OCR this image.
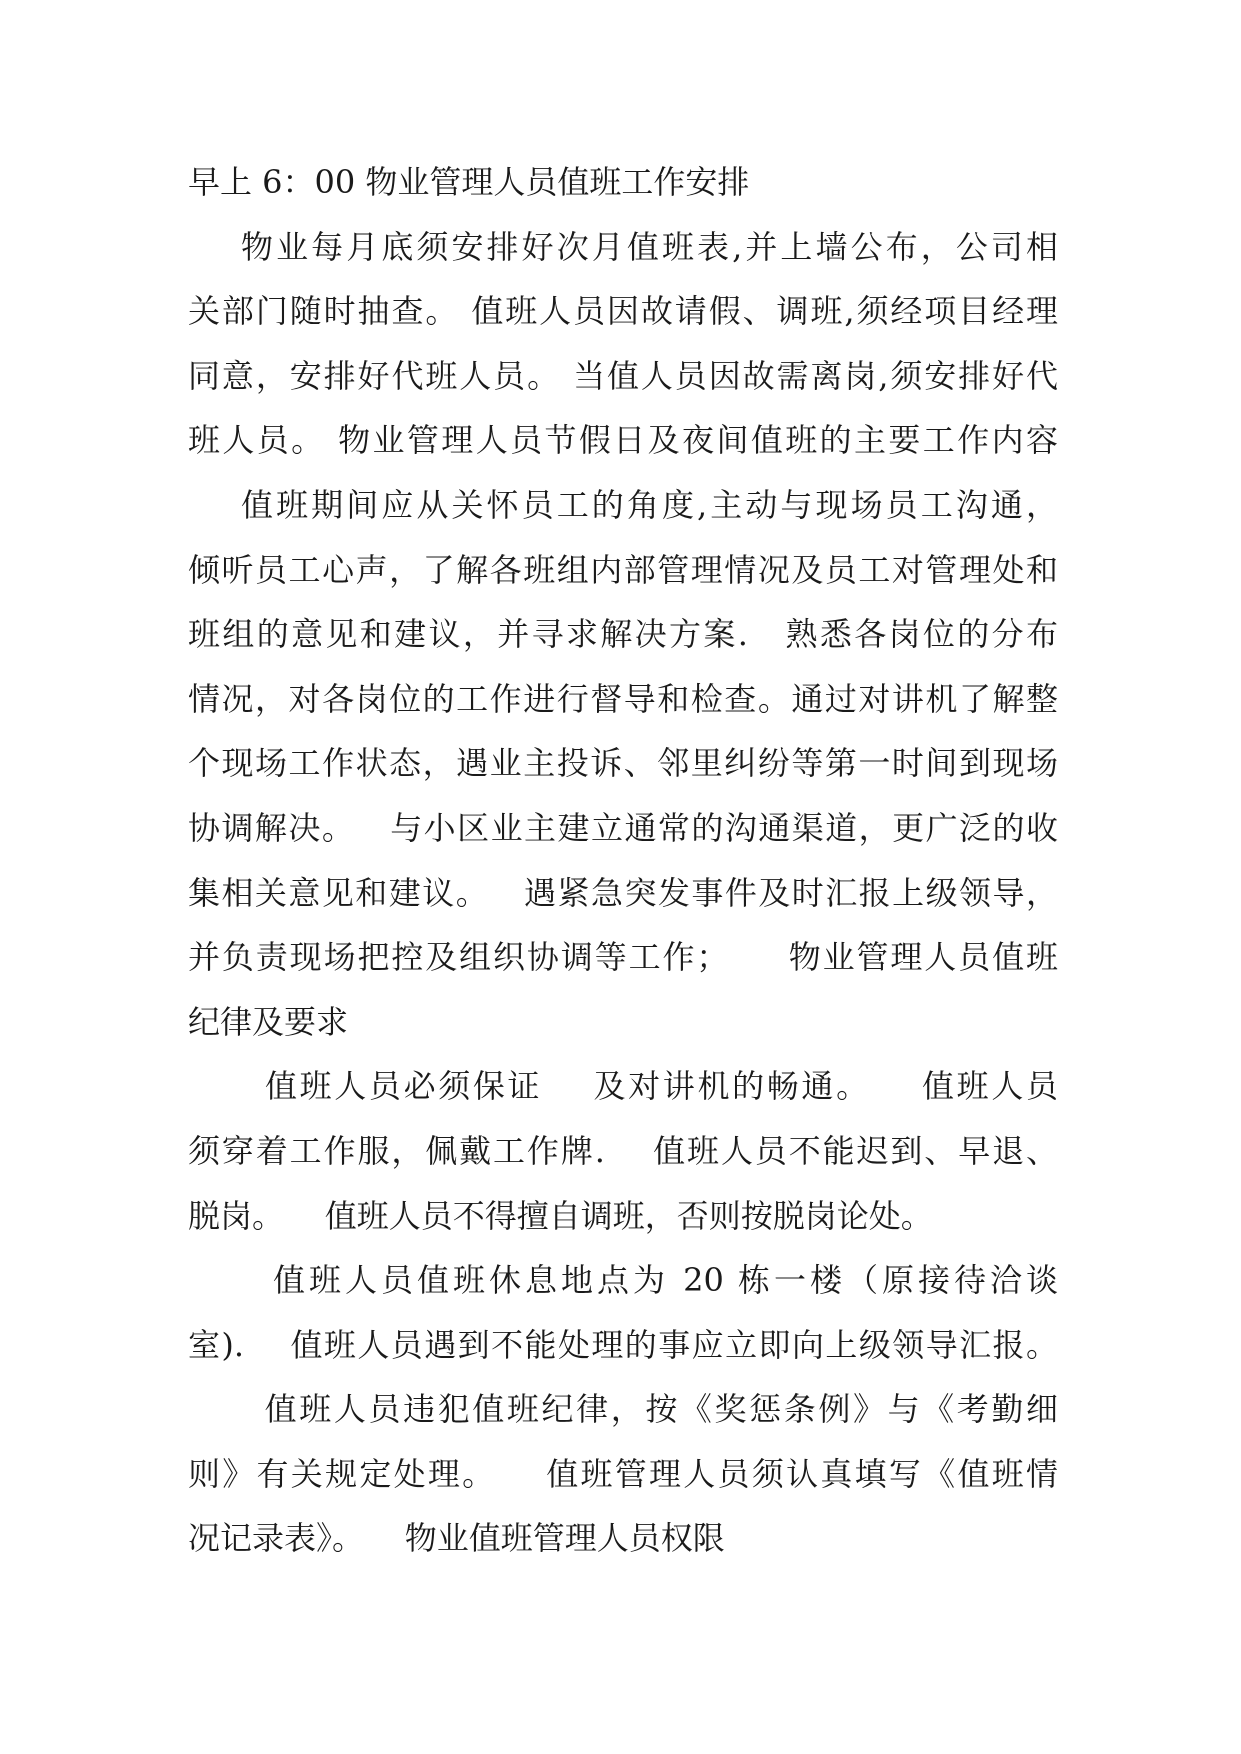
早上 6：00 物业管理人员值班工作安排
物业每月底须安排好次月值班表,并上墙公布，公司相
关部门随时抽查。 值班人员因故请假、调班,须经项目经理
同意，安排好代班人员。 当值人员因故需离岗,须安排好代
班人员。 物业管理人员节假日及夜间值班的主要工作内容
值班期间应从关怀员工的角度,主动与现场员工沟通，
倾听员工心声，了解各班组内部管理情况及员工对管理处和
班组的意见和建议，并寻求解决方案.   熟悉各岗位的分布
情况，对各岗位的工作进行督导和检查。通过对讲机了解整
个现场工作状态，遇业主投诉、邻里纠纷等第一时间到现场
协调解决。   与小区业主建立通常的沟通渠道，更广泛的收
集相关意见和建议。   遇紧急突发事件及时汇报上级领导，
并负责现场把控及组织协调等工作；     物业管理人员值班
纪律及要求
值班人员必须保证    及对讲机的畅通。    值班人员
须穿着工作服，佩戴工作牌.    值班人员不能迟到、早退、
脱岗。    值班人员不得擅自调班，否则按脱岗论处。
值班人员值班休息地点为 20 栋一楼（原接待洽谈
室).    值班人员遇到不能处理的事应立即向上级领导汇报。
值班人员违犯值班纪律，按《奖惩条例》与《考勤细
则》有关规定处理。    值班管理人员须认真填写《值班情
况记录表》。    物业值班管理人员权限
